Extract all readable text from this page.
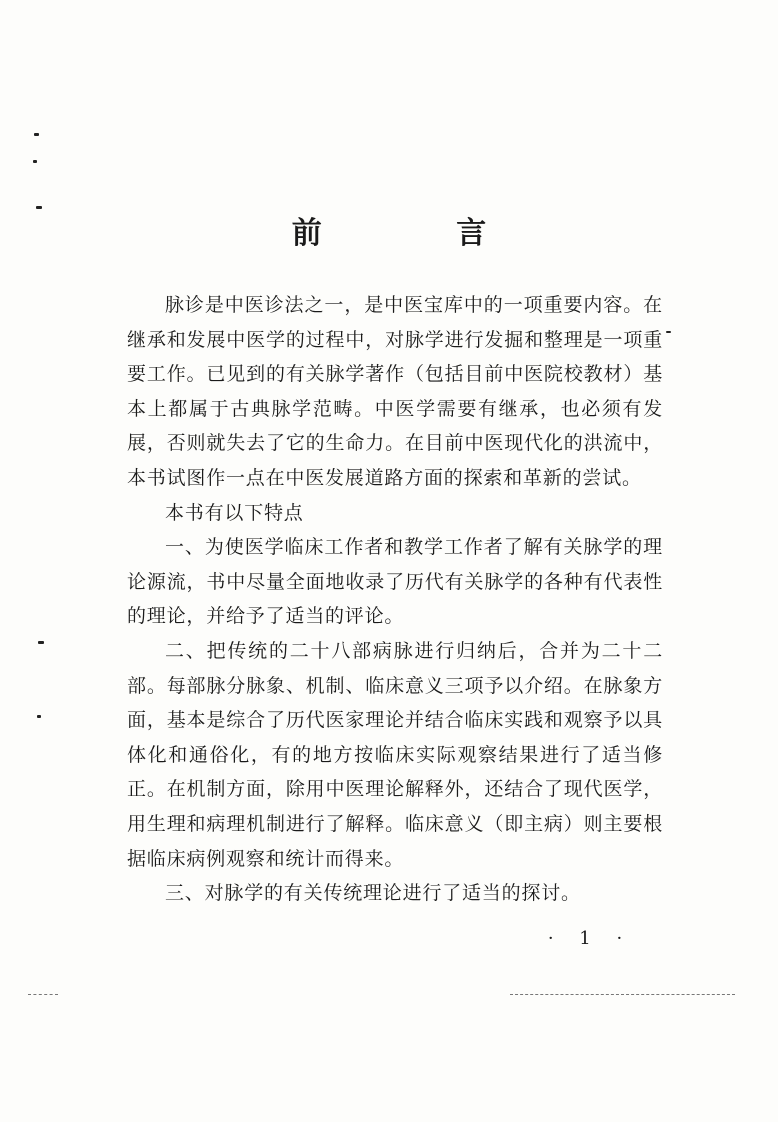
前 言

脉诊是中医诊法之一，是中医宝库中的一项重要内容。在继承和发展中医学的过程中，对脉学进行发掘和整理是一项重要工作。已见到的有关脉学著作（包括目前中医院校教材）基本上都属于古典脉学范畴。中医学需要有继承，也必须有发展，否则就失去了它的生命力。在目前中医现代化的洪流中，本书试图作一点在中医发展道路方面的探索和革新的尝试。

本书有以下特点

一、为使医学临床工作者和教学工作者了解有关脉学的理论源流，书中尽量全面地收录了历代有关脉学的各种有代表性的理论，并给予了适当的评论。

二、把传统的二十八部病脉进行归纳后，合并为二十二部。每部脉分脉象、机制、临床意义三项予以介绍。在脉象方面，基本是综合了历代医家理论并结合临床实践和观察予以具体化和通俗化，有的地方按临床实际观察结果进行了适当修正。在机制方面，除用中医理论解释外，还结合了现代医学，用生理和病理机制进行了解释。临床意义（即主病）则主要根据临床病例观察和统计而得来。

三、对脉学的有关传统理论进行了适当的探讨。

· 1 ·
